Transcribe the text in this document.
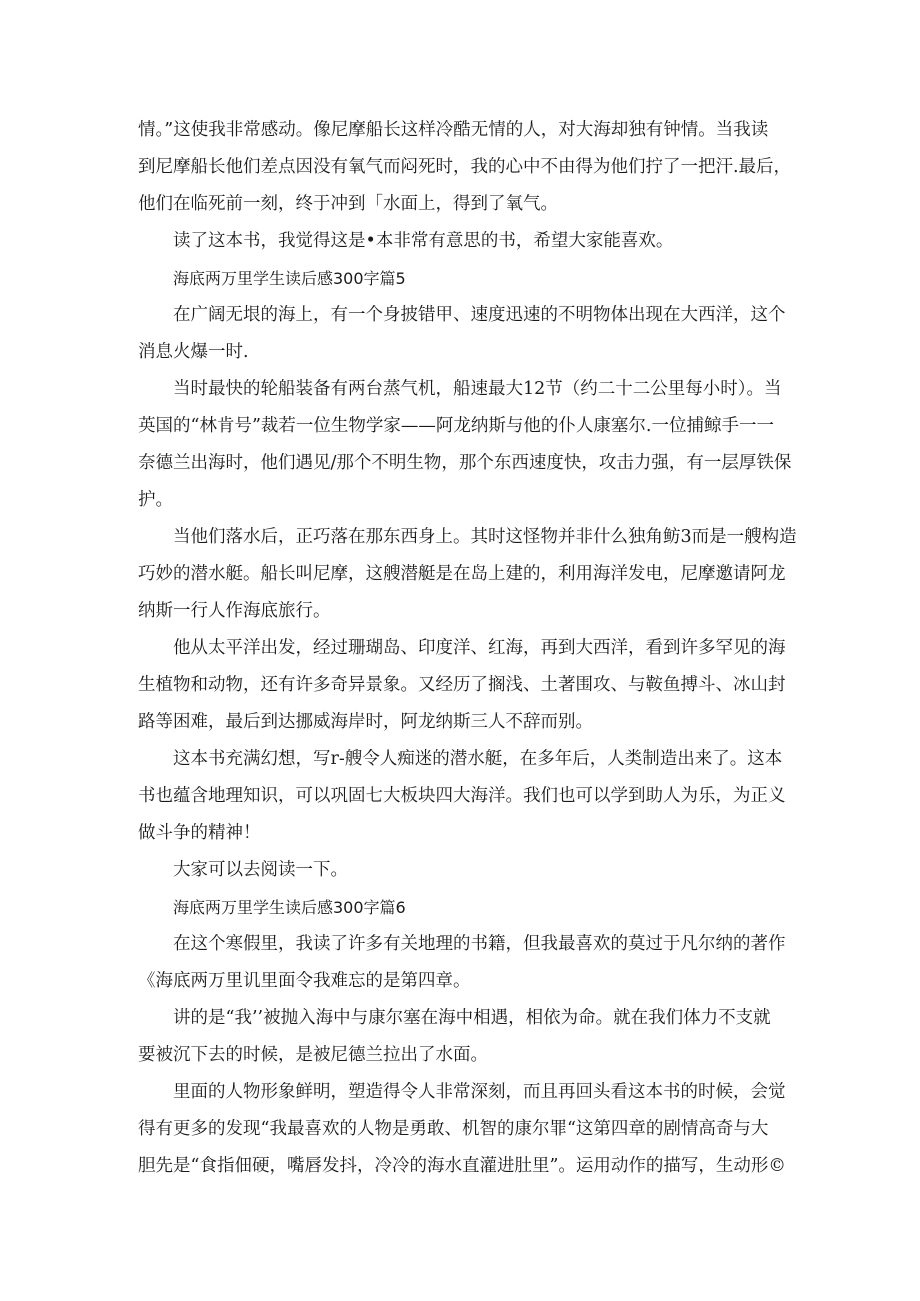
情。”这使我非常感动。像尼摩船长这样冷酷无情的人，对大海却独有钟情。当我读
到尼摩船长他们差点因没有氧气而闷死时，我的心中不由得为他们拧了一把汗.最后，
他们在临死前一刻，终于冲到「水面上，得到了氧气。
读了这本书，我觉得这是•本非常有意思的书，希望大家能喜欢。
海底两万里学生读后感300字篇5
在广阔无垠的海上，有一个身披错甲、速度迅速的不明物体出现在大西洋，这个
消息火爆一时.
当时最快的轮船装备有两台蒸气机，船速最大12节（约二十二公里每小时）。当
英国的“林肯号”裁若一位生物学家——阿龙纳斯与他的仆人康塞尔.一位捕鲸手一一
奈德兰出海时，他们遇见/那个不明生物，那个东西速度快，攻击力强，有一层厚铁保
护。
当他们落水后，正巧落在那东西身上。其时这怪物并非什么独角鲂3而是一艘构造
巧妙的潜水艇。船长叫尼摩，这艘潜艇是在岛上建的，利用海洋发电，尼摩邀请阿龙
纳斯一行人作海底旅行。
他从太平洋出发，经过珊瑚岛、印度洋、红海，再到大西洋，看到许多罕见的海
生植物和动物，还有许多奇异景象。又经历了搁浅、土著围攻、与鞍鱼搏斗、冰山封
路等困难，最后到达挪威海岸时，阿龙纳斯三人不辞而别。
这本书充满幻想，写r-艘令人痴迷的潜水艇，在多年后，人类制造出来了。这本
书也蕴含地理知识，可以巩固七大板块四大海洋。我们也可以学到助人为乐，为正义
做斗争的精神！
大家可以去阅读一下。
海底两万里学生读后感300字篇6
在这个寒假里，我读了许多有关地理的书籍，但我最喜欢的莫过于凡尔纳的著作
《海底两万里讥里面令我难忘的是第四章。
讲的是“我’’被抛入海中与康尔塞在海中相遇，相依为命。就在我们体力不支就
要被沉下去的时候，是被尼德兰拉出了水面。
里面的人物形象鲜明，塑造得令人非常深刻，而且再回头看这本书的时候，会觉
得有更多的发现“我最喜欢的人物是勇敢、机智的康尔罪“这第四章的剧情高奇与大
胆先是“食指佃硬，嘴唇发抖，冷冷的海水直灌进肚里”。运用动作的描写，生动形©
